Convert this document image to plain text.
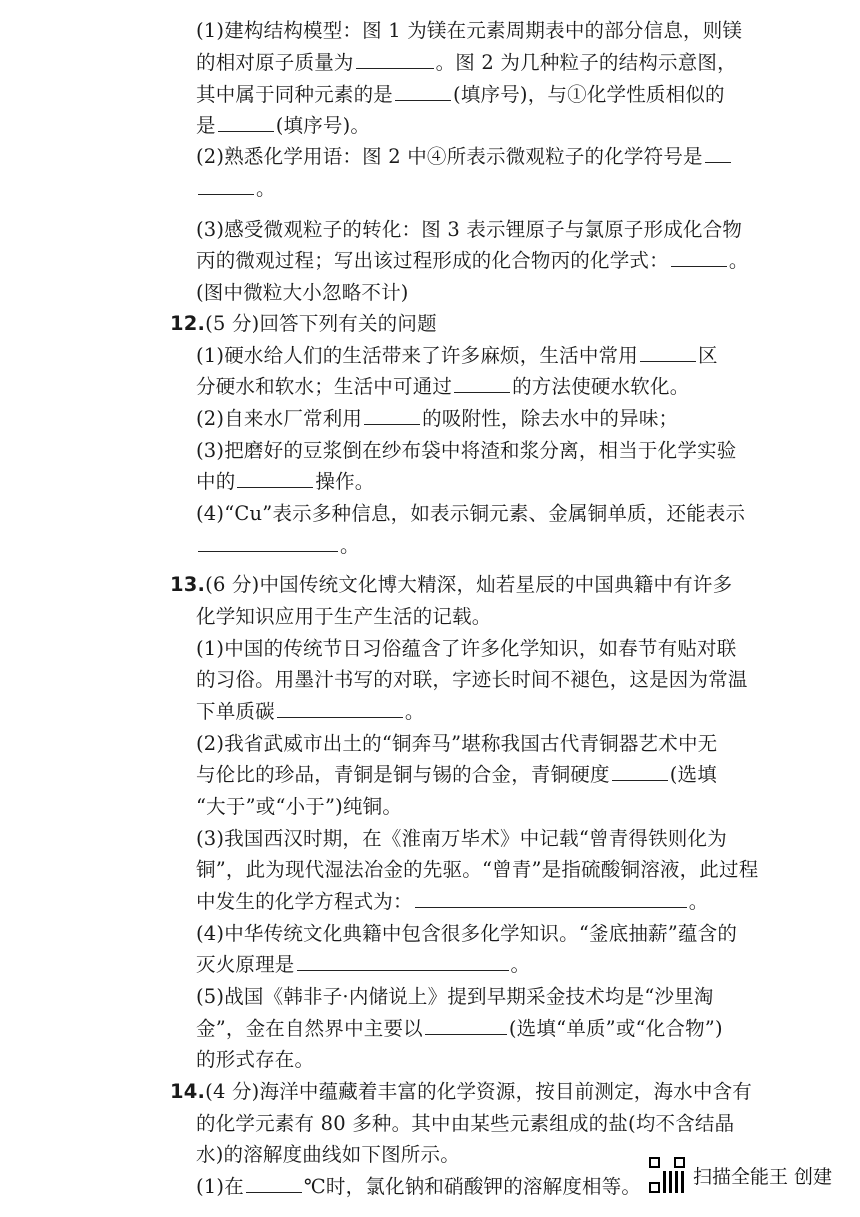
(1)建构结构模型：图 1 为镁在元素周期表中的部分信息，则镁
的相对原子质量为	。图 2 为几种粒子的结构示意图，
其中属于同种元素的是	(填序号)，与①化学性质相似的
是	(填序号)。
(2)熟悉化学用语：图 2 中④所表示微观粒子的化学符号是
。
(3)感受微观粒子的转化：图 3 表示锂原子与氯原子形成化合物
丙的微观过程；写出该过程形成的化合物丙的化学式：	。
(图中微粒大小忽略不计)
12.(5 分)回答下列有关的问题
(1)硬水给人们的生活带来了许多麻烦，生活中常用	区
分硬水和软水；生活中可通过	的方法使硬水软化。
(2)自来水厂常利用	的吸附性，除去水中的异味；
(3)把磨好的豆浆倒在纱布袋中将渣和浆分离，相当于化学实验
中的	操作。
(4)“Cu”表示多种信息，如表示铜元素、金属铜单质，还能表示
。
13.(6 分)中国传统文化博大精深，灿若星辰的中国典籍中有许多
化学知识应用于生产生活的记载。
(1)中国的传统节日习俗蕴含了许多化学知识，如春节有贴对联
的习俗。用墨汁书写的对联，字迹长时间不褪色，这是因为常温
下单质碳	。
(2)我省武威市出土的“铜奔马”堪称我国古代青铜器艺术中无
与伦比的珍品，青铜是铜与锡的合金，青铜硬度	(选填
“大于”或“小于”)纯铜。
(3)我国西汉时期，在《淮南万毕术》中记载“曾青得铁则化为
铜”，此为现代湿法冶金的先驱。“曾青”是指硫酸铜溶液，此过程
中发生的化学方程式为：	。
(4)中华传统文化典籍中包含很多化学知识。“釜底抽薪”蕴含的
灭火原理是	。
(5)战国《韩非子·内储说上》提到早期采金技术均是“沙里淘
金”，金在自然界中主要以	(选填“单质”或“化合物”)
的形式存在。
14.(4 分)海洋中蕴藏着丰富的化学资源，按目前测定，海水中含有
的化学元素有 80 多种。其中由某些元素组成的盐(均不含结晶
水)的溶解度曲线如下图所示。
(1)在	℃时，氯化钠和硝酸钾的溶解度相等。	扫描全能王 创建
